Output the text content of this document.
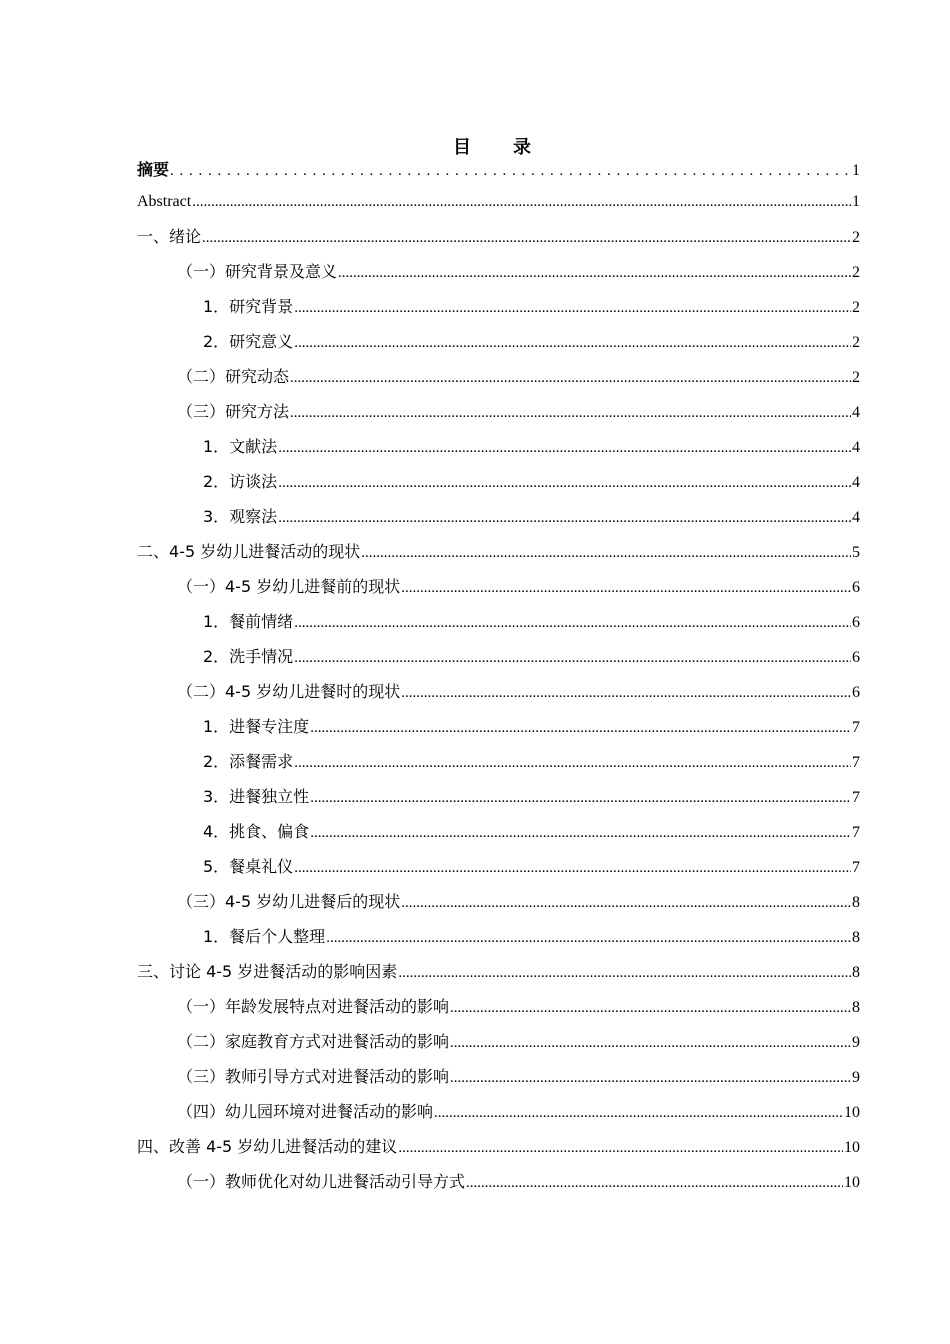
目　录
摘要 . . .	1
Abstract .....	1
一、绪论 .....	2
（一）研究背景及意义 .....	2
1．研究背景 .....	2
2．研究意义 .....	2
（二）研究动态 .....	2
（三）研究方法 .....	4
1．文献法 .....	4
2．访谈法 .....	4
3．观察法 .....	4
二、4-5 岁幼儿进餐活动的现状 .....	5
（一）4-5 岁幼儿进餐前的现状 .....	6
1．餐前情绪 .....	6
2．洗手情况 .....	6
（二）4-5 岁幼儿进餐时的现状 .....	6
1．进餐专注度 .....	7
2．添餐需求 .....	7
3．进餐独立性 .....	7
4．挑食、偏食 .....	7
5．餐桌礼仪 .....	7
（三）4-5 岁幼儿进餐后的现状 .....	8
1．餐后个人整理 .....	8
三、讨论 4-5 岁进餐活动的影响因素 .....	8
（一）年龄发展特点对进餐活动的影响 .....	8
（二）家庭教育方式对进餐活动的影响 .....	9
（三）教师引导方式对进餐活动的影响 .....	9
（四）幼儿园环境对进餐活动的影响 .....	10
四、改善 4-5 岁幼儿进餐活动的建议 .....	10
（一）教师优化对幼儿进餐活动引导方式 .....	10
